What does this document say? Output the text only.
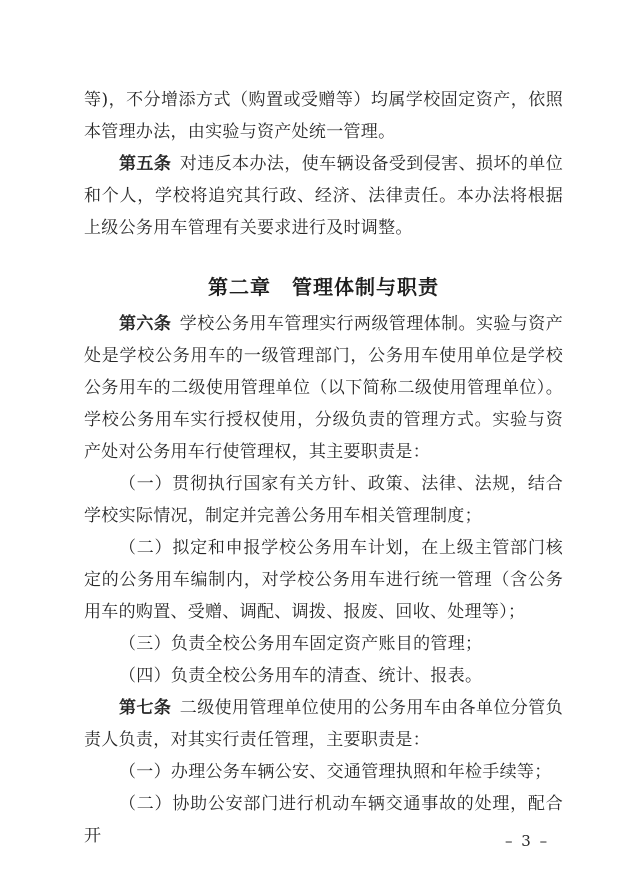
等)，不分增添方式（购置或受赠等）均属学校固定资产，依照本管理办法，由实验与资产处统一管理。

第五条 对违反本办法，使车辆设备受到侵害、损坏的单位和个人，学校将追究其行政、经济、法律责任。本办法将根据上级公务用车管理有关要求进行及时调整。

第二章　管理体制与职责

第六条 学校公务用车管理实行两级管理体制。实验与资产处是学校公务用车的一级管理部门，公务用车使用单位是学校公务用车的二级使用管理单位（以下简称二级使用管理单位）。学校公务用车实行授权使用，分级负责的管理方式。实验与资产处对公务用车行使管理权，其主要职责是：

（一）贯彻执行国家有关方针、政策、法律、法规，结合学校实际情况，制定并完善公务用车相关管理制度；

（二）拟定和申报学校公务用车计划，在上级主管部门核定的公务用车编制内，对学校公务用车进行统一管理（含公务用车的购置、受赠、调配、调拨、报废、回收、处理等）；

（三）负责全校公务用车固定资产账目的管理；

（四）负责全校公务用车的清查、统计、报表。

第七条 二级使用管理单位使用的公务用车由各单位分管负责人负责，对其实行责任管理，主要职责是：

（一）办理公务车辆公安、交通管理执照和年检手续等；

（二）协助公安部门进行机动车辆交通事故的处理，配合开	– 3 –
